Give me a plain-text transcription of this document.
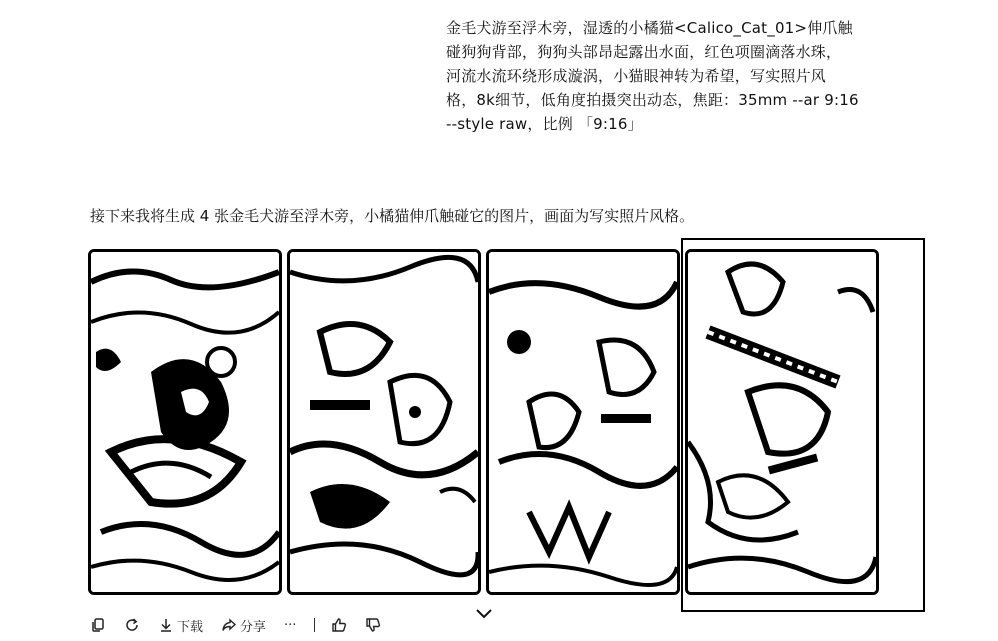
金毛犬游至浮木旁，湿透的小橘猫<Calico_Cat_01>伸爪触
碰狗狗背部，狗狗头部昂起露出水面，红色项圈滴落水珠，
河流水流环绕形成漩涡，小猫眼神转为希望，写实照片风
格，8k细节，低角度拍摄突出动态，焦距：35mm --ar 9:16
--style raw，比例 「9:16」
接下来我将生成 4 张金毛犬游至浮木旁，小橘猫伸爪触碰它的图片，画面为写实照片风格。
下载	分享 ···
